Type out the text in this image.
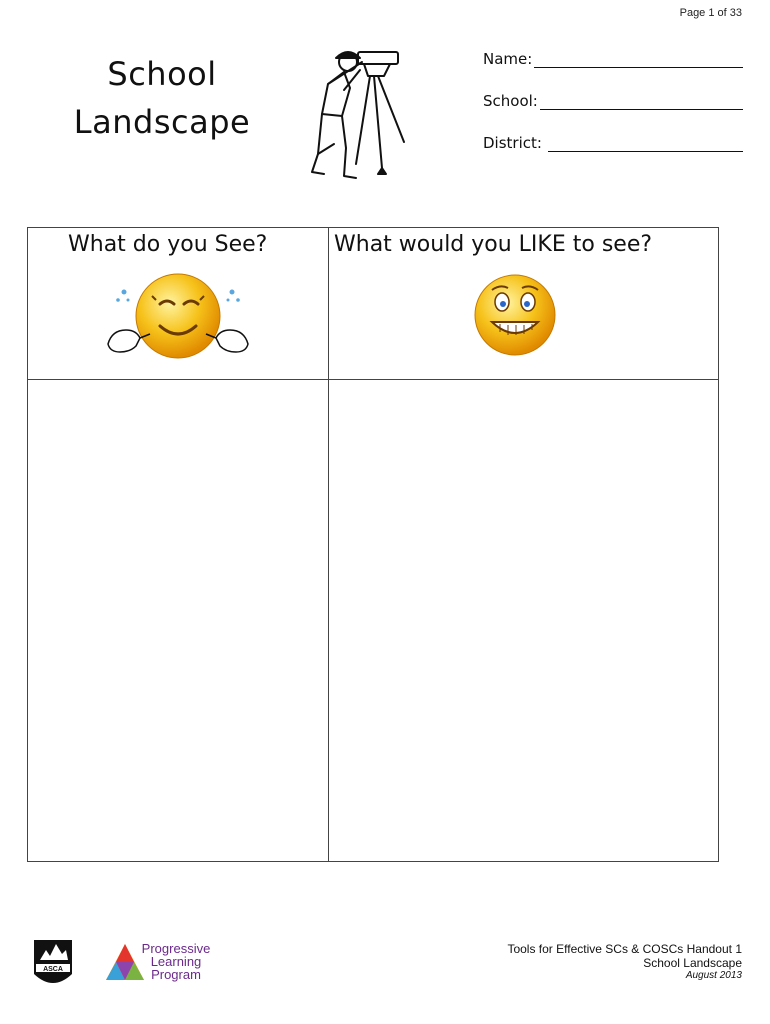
Page 1 of 33
School
Landscape
Name:
School:
District:
What do you See?	What would you LIKE to see?
ASCA
Progressive
Learning
Program
Tools for Effective SCs & COSCs Handout 1
School Landscape
August 2013
